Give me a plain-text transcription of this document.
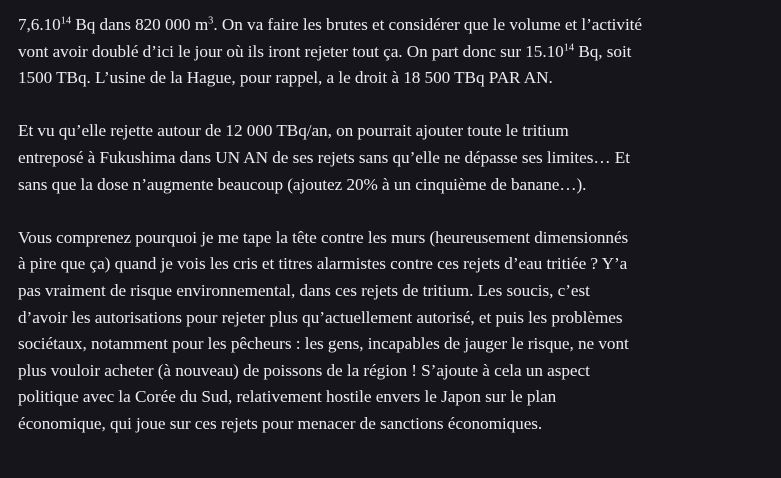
7,6.10$^{14}$ Bq dans 820 000 $m^3$. On va faire les brutes et considérer que le volume et l’activité
vont avoir doublé d’ici le jour où ils iront rejeter tout ça. On part donc sur 15.10$^{14}$ Bq, soit
1500 TBq. L’usine de la Hague, pour rappel, a le droit à 18 500 TBq PAR AN.

Et vu qu’elle rejette autour de 12 000 TBq/an, on pourrait ajouter toute le tritium
entreposé à Fukushima dans UN AN de ses rejets sans qu’elle ne dépasse ses limites… Et
sans que la dose n’augmente beaucoup (ajoutez 20% à un cinquième de banane…).

Vous comprenez pourquoi je me tape la tête contre les murs (heureusement dimensionnés
à pire que ça) quand je vois les cris et titres alarmistes contre ces rejets d’eau tritiée ? Y’a
pas vraiment de risque environnemental, dans ces rejets de tritium. Les soucis, c’est
d’avoir les autorisations pour rejeter plus qu’actuellement autorisé, et puis les problèmes
sociétaux, notamment pour les pêcheurs : les gens, incapables de jauger le risque, ne vont
plus vouloir acheter (à nouveau) de poissons de la région ! S’ajoute à cela un aspect
politique avec la Corée du Sud, relativement hostile envers le Japon sur le plan
économique, qui joue sur ces rejets pour menacer de sanctions économiques.
